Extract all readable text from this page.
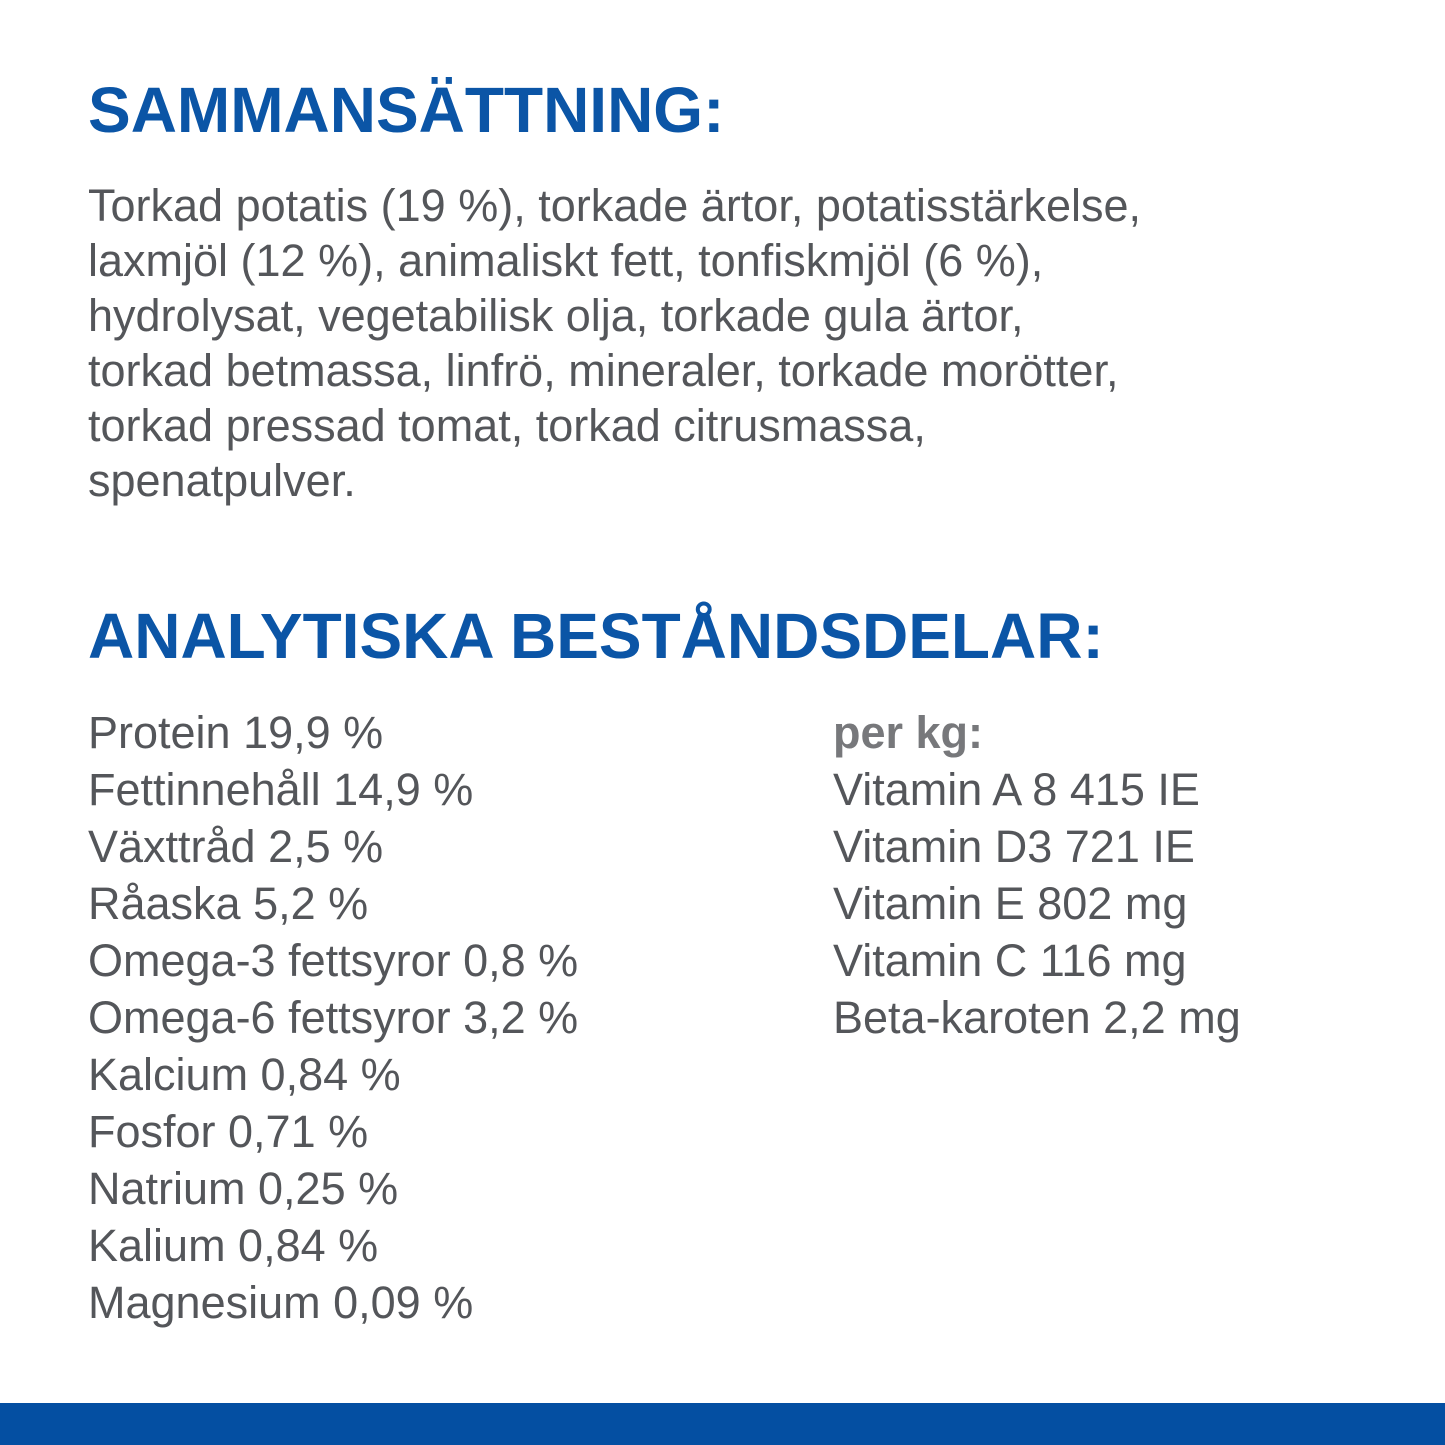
SAMMANSÄTTNING:
Torkad potatis (19 %), torkade ärtor, potatisstärkelse,
laxmjöl (12 %), animaliskt fett, tonfiskmjöl (6 %),
hydrolysat, vegetabilisk olja, torkade gula ärtor,
torkad betmassa, linfrö, mineraler, torkade morötter,
torkad pressad tomat, torkad citrusmassa,
spenatpulver.
ANALYTISKA BESTÅNDSDELAR:
Protein 19,9 %
Fettinnehåll 14,9 %
Växttråd 2,5 %
Råaska 5,2 %
Omega-3 fettsyror 0,8 %
Omega-6 fettsyror 3,2 %
Kalcium 0,84 %
Fosfor 0,71 %
Natrium 0,25 %
Kalium 0,84 %
Magnesium 0,09 %
per kg:
Vitamin A 8 415 IE
Vitamin D3 721 IE
Vitamin E 802 mg
Vitamin C 116 mg
Beta-karoten 2,2 mg
